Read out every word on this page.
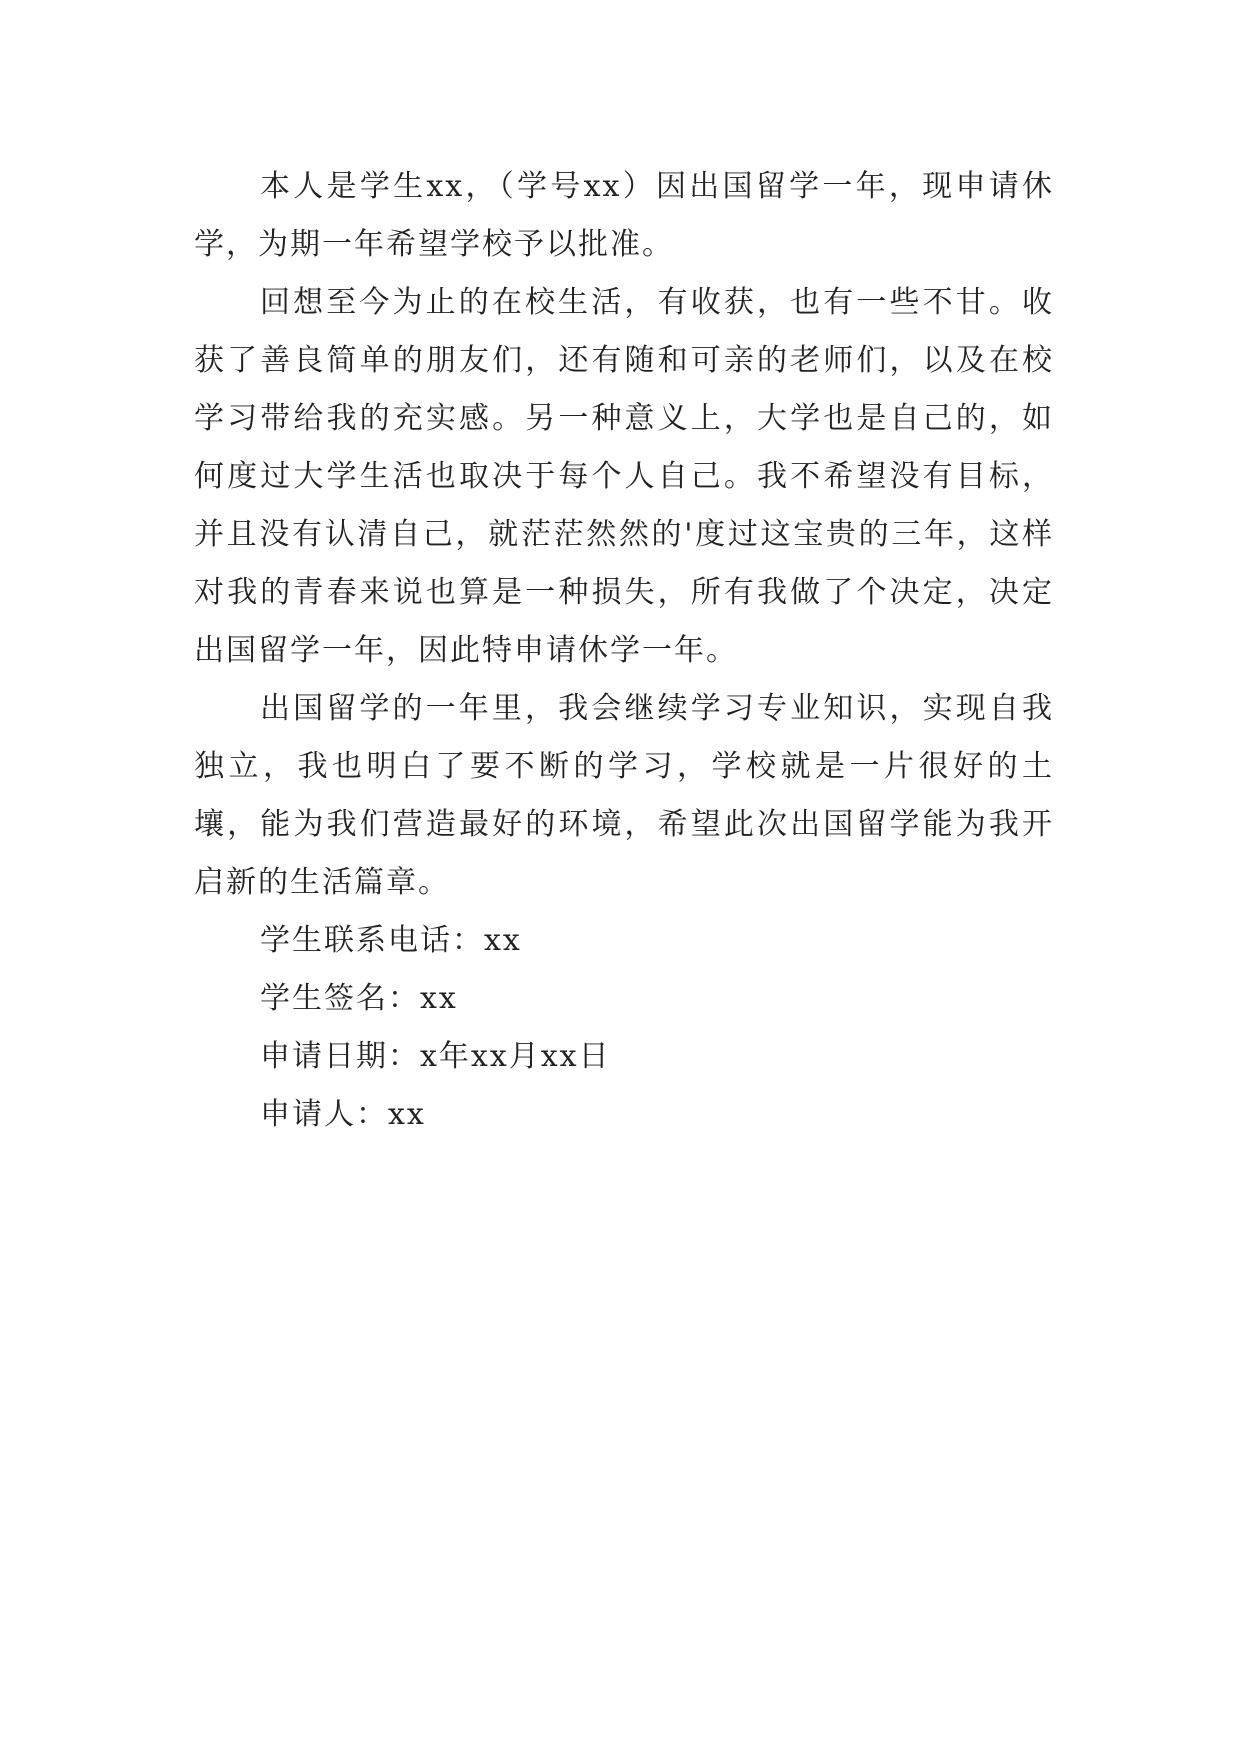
本人是学生xx，（学号xx）因出国留学一年，现申请休学，为期一年希望学校予以批准。

回想至今为止的在校生活，有收获，也有一些不甘。收获了善良简单的朋友们，还有随和可亲的老师们，以及在校学习带给我的充实感。另一种意义上，大学也是自己的，如何度过大学生活也取决于每个人自己。我不希望没有目标，并且没有认清自己，就茫茫然然的'度过这宝贵的三年，这样对我的青春来说也算是一种损失，所有我做了个决定，决定出国留学一年，因此特申请休学一年。

出国留学的一年里，我会继续学习专业知识，实现自我独立，我也明白了要不断的学习，学校就是一片很好的土壤，能为我们营造最好的环境，希望此次出国留学能为我开启新的生活篇章。

学生联系电话：xx

学生签名：xx

申请日期：x年xx月xx日

申请人：xx
